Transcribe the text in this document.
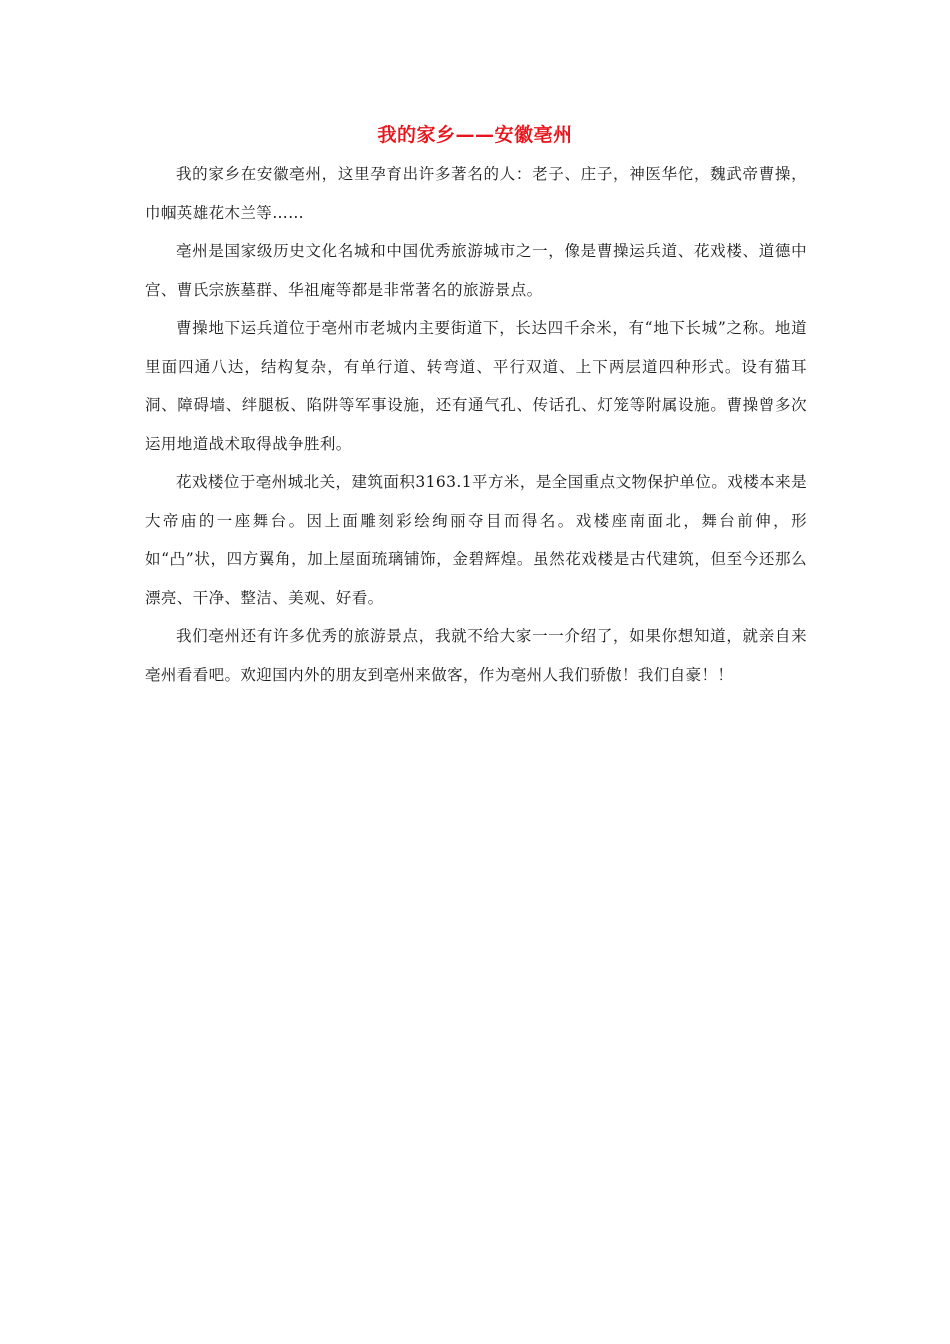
我的家乡——安徽亳州

我的家乡在安徽亳州，这里孕育出许多著名的人：老子、庄子，神医华佗，魏武帝曹操，巾帼英雄花木兰等……

亳州是国家级历史文化名城和中国优秀旅游城市之一，像是曹操运兵道、花戏楼、道德中宫、曹氏宗族墓群、华祖庵等都是非常著名的旅游景点。

曹操地下运兵道位于亳州市老城内主要街道下，长达四千余米，有“地下长城”之称。地道里面四通八达，结构复杂，有单行道、转弯道、平行双道、上下两层道四种形式。设有猫耳洞、障碍墙、绊腿板、陷阱等军事设施，还有通气孔、传话孔、灯笼等附属设施。曹操曾多次运用地道战术取得战争胜利。

花戏楼位于亳州城北关，建筑面积3163.1平方米，是全国重点文物保护单位。戏楼本来是大帝庙的一座舞台。因上面雕刻彩绘绚丽夺目而得名。戏楼座南面北，舞台前伸，形如“凸”状，四方翼角，加上屋面琉璃铺饰，金碧辉煌。虽然花戏楼是古代建筑，但至今还那么漂亮、干净、整洁、美观、好看。

我们亳州还有许多优秀的旅游景点，我就不给大家一一介绍了，如果你想知道，就亲自来亳州看看吧。欢迎国内外的朋友到亳州来做客，作为亳州人我们骄傲！我们自豪！！
